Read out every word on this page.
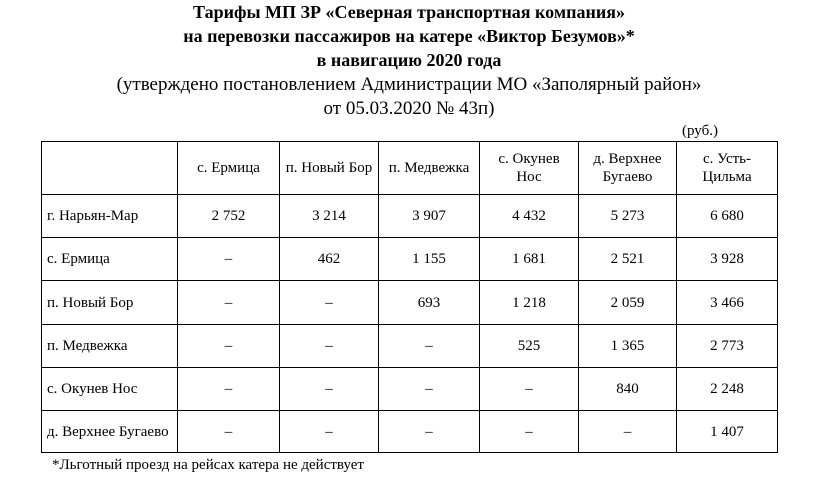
Тарифы МП ЗР «Северная транспортная компания»
на перевозки пассажиров на катере «Виктор Безумов»*
в навигацию 2020 года
(утверждено постановлением Администрации МО «Заполярный район»
от 05.03.2020 № 43п)
(руб.)
	с. Ермица	п. Новый Бор	п. Медвежка	с. Окунев Нос	д. Верхнее Бугаево	с. Усть-Цильма
г. Нарьян-Мар	2 752	3 214	3 907	4 432	5 273	6 680
с. Ермица	–	462	1 155	1 681	2 521	3 928
п. Новый Бор	–	–	693	1 218	2 059	3 466
п. Медвежка	–	–	–	525	1 365	2 773
с. Окунев Нос	–	–	–	–	840	2 248
д. Верхнее Бугаево	–	–	–	–	–	1 407
*Льготный проезд на рейсах катера не действует
